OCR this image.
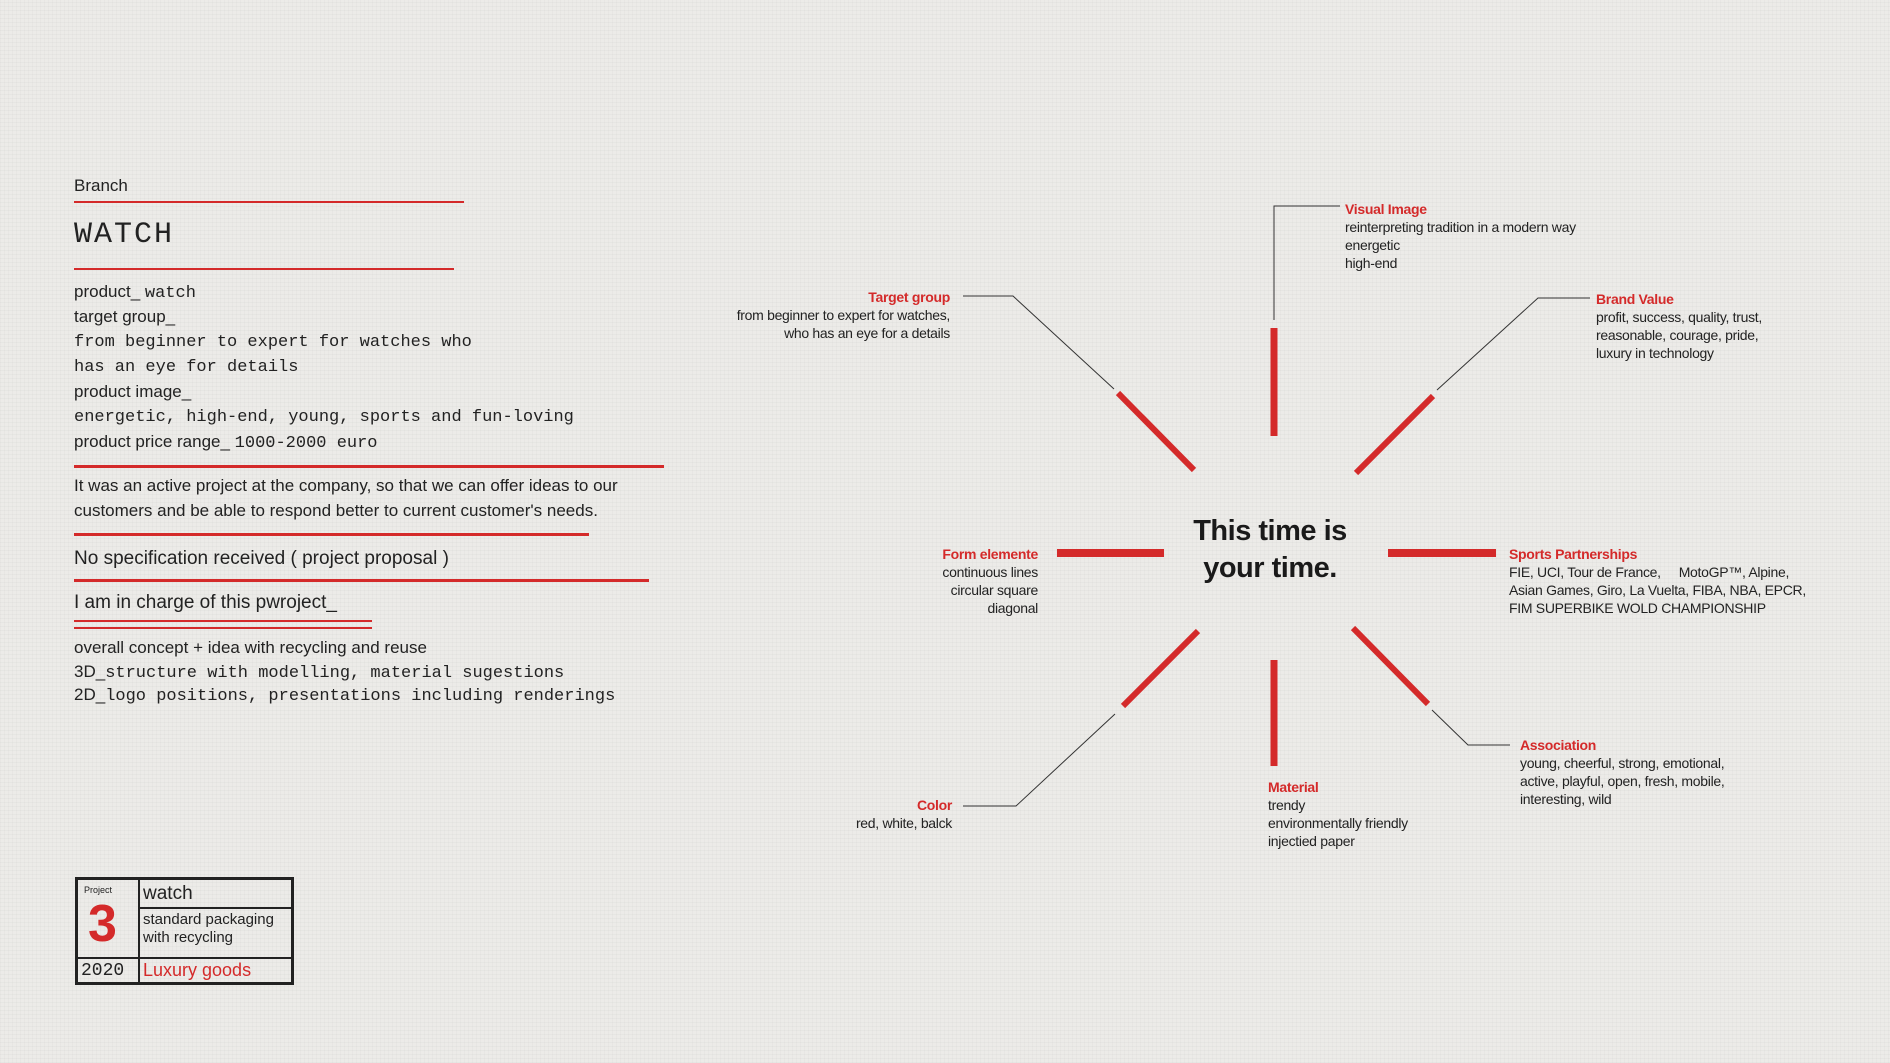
Branch
WATCH
product_ watch
target group_
from beginner to expert for watches who
has an eye for details
product image_
energetic, high-end, young, sports and fun-loving
product price range_ 1000-2000 euro
It was an active project at the company, so that we can offer ideas to our customers and be able to respond better to current customer's needs.
No specification received ( project proposal )
I am in charge of this pwroject_
overall concept + idea with recycling and reuse
3D_structure with modelling, material sugestions
2D_logo positions, presentations including renderings
Project
3
watch
standard packaging with recycling
2020 Luxury goods
This time is
your time.
Visual Image
reinterpreting tradition in a modern way
energetic
high-end
Brand Value
profit, success, quality, trust,
reasonable, courage, pride,
luxury in technology
Target group
from beginner to expert for watches,
who has an eye for a details
Form elemente
continuous lines
circular square
diagonal
Sports Partnerships
FIE, UCI, Tour de France,     MotoGP™, Alpine,
Asian Games, Giro, La Vuelta, FIBA, NBA, EPCR,
FIM SUPERBIKE WOLD CHAMPIONSHIP
Color
red, white, balck
Material
trendy
environmentally friendly
injectied paper
Association
young, cheerful, strong, emotional,
active, playful, open, fresh, mobile,
interesting, wild
